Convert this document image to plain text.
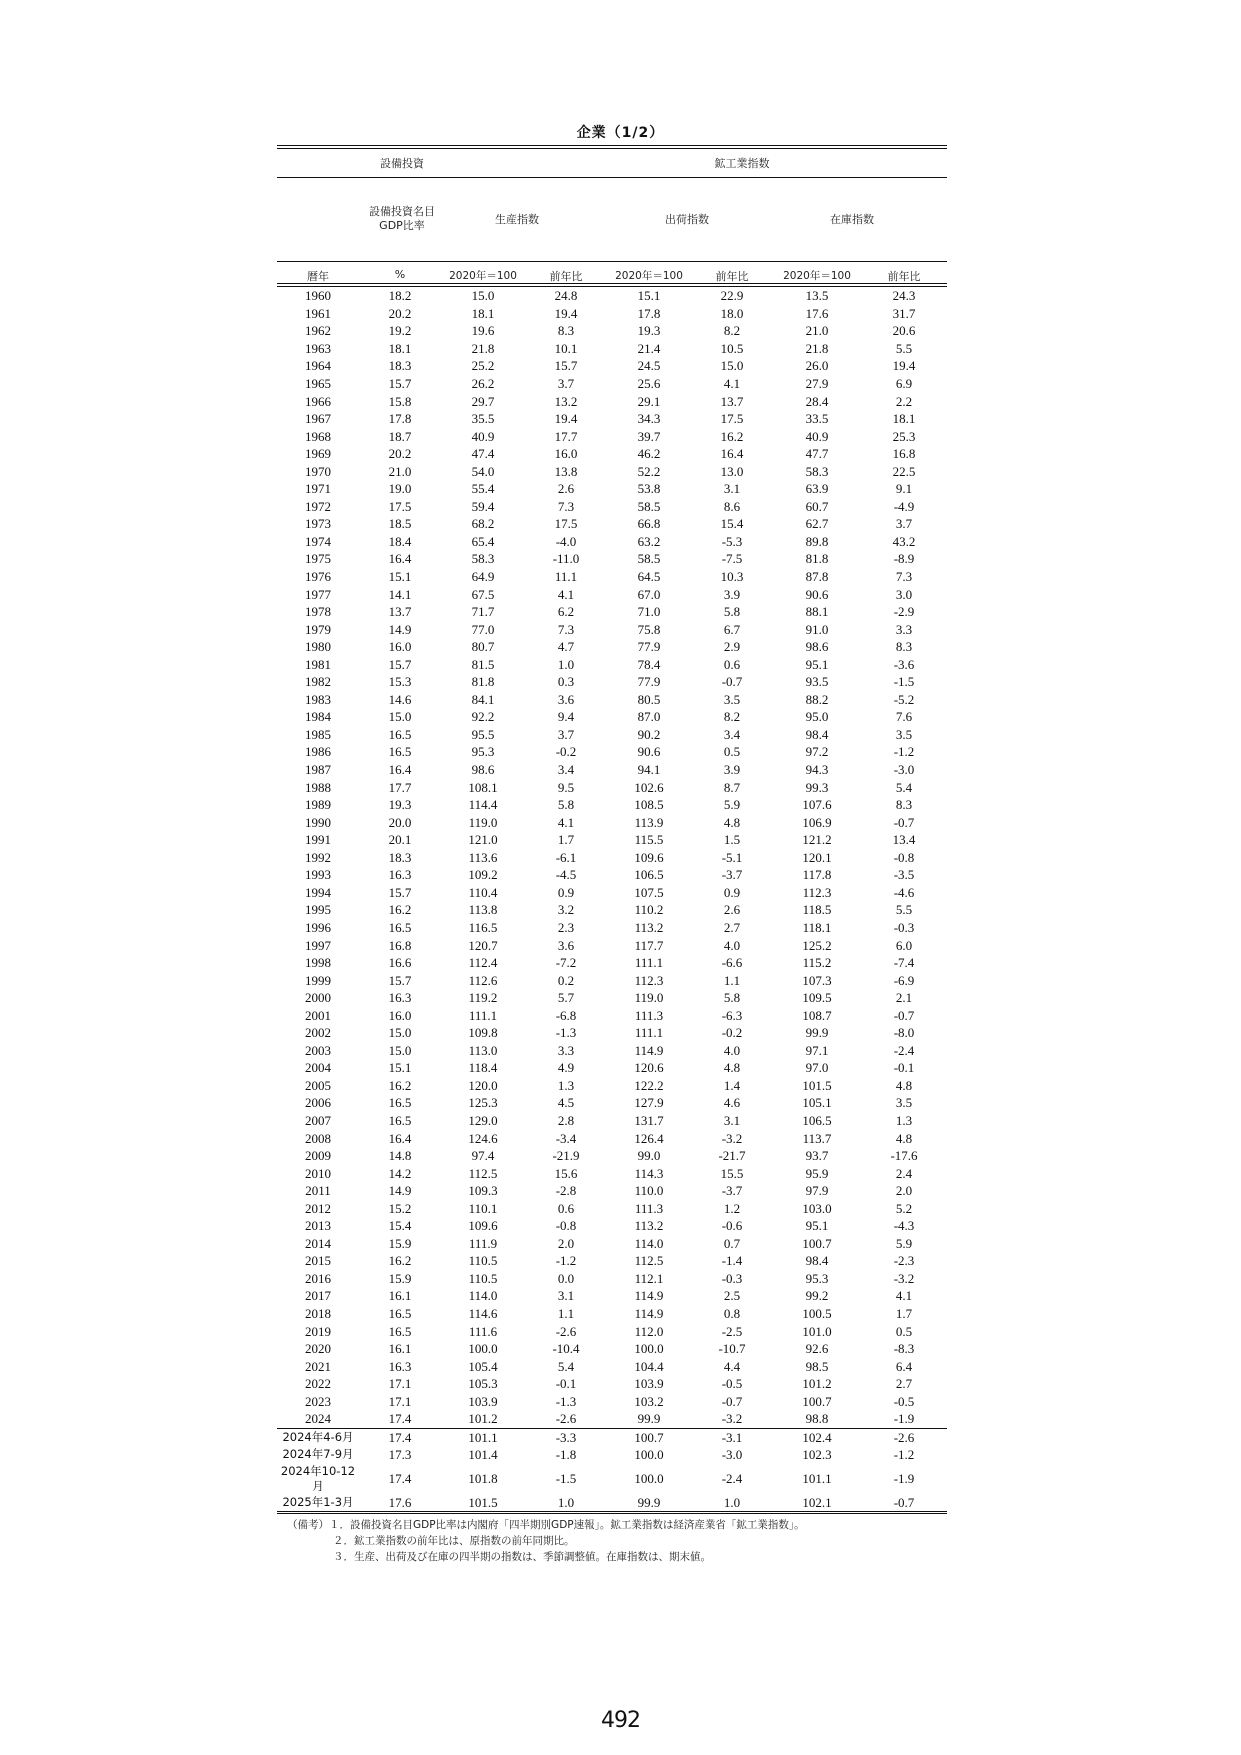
企業（1/2）
設備投資	鉱工業指数
設備投資名目
GDP比率	生産指数	出荷指数	在庫指数
暦年	%	2020年＝100	前年比	2020年＝100	前年比	2020年＝100	前年比
1960	18.2	15.0	24.8	15.1	22.9	13.5	24.3
1961	20.2	18.1	19.4	17.8	18.0	17.6	31.7
1962	19.2	19.6	8.3	19.3	8.2	21.0	20.6
1963	18.1	21.8	10.1	21.4	10.5	21.8	5.5
1964	18.3	25.2	15.7	24.5	15.0	26.0	19.4
1965	15.7	26.2	3.7	25.6	4.1	27.9	6.9
1966	15.8	29.7	13.2	29.1	13.7	28.4	2.2
1967	17.8	35.5	19.4	34.3	17.5	33.5	18.1
1968	18.7	40.9	17.7	39.7	16.2	40.9	25.3
1969	20.2	47.4	16.0	46.2	16.4	47.7	16.8
1970	21.0	54.0	13.8	52.2	13.0	58.3	22.5
1971	19.0	55.4	2.6	53.8	3.1	63.9	9.1
1972	17.5	59.4	7.3	58.5	8.6	60.7	-4.9
1973	18.5	68.2	17.5	66.8	15.4	62.7	3.7
1974	18.4	65.4	-4.0	63.2	-5.3	89.8	43.2
1975	16.4	58.3	-11.0	58.5	-7.5	81.8	-8.9
1976	15.1	64.9	11.1	64.5	10.3	87.8	7.3
1977	14.1	67.5	4.1	67.0	3.9	90.6	3.0
1978	13.7	71.7	6.2	71.0	5.8	88.1	-2.9
1979	14.9	77.0	7.3	75.8	6.7	91.0	3.3
1980	16.0	80.7	4.7	77.9	2.9	98.6	8.3
1981	15.7	81.5	1.0	78.4	0.6	95.1	-3.6
1982	15.3	81.8	0.3	77.9	-0.7	93.5	-1.5
1983	14.6	84.1	3.6	80.5	3.5	88.2	-5.2
1984	15.0	92.2	9.4	87.0	8.2	95.0	7.6
1985	16.5	95.5	3.7	90.2	3.4	98.4	3.5
1986	16.5	95.3	-0.2	90.6	0.5	97.2	-1.2
1987	16.4	98.6	3.4	94.1	3.9	94.3	-3.0
1988	17.7	108.1	9.5	102.6	8.7	99.3	5.4
1989	19.3	114.4	5.8	108.5	5.9	107.6	8.3
1990	20.0	119.0	4.1	113.9	4.8	106.9	-0.7
1991	20.1	121.0	1.7	115.5	1.5	121.2	13.4
1992	18.3	113.6	-6.1	109.6	-5.1	120.1	-0.8
1993	16.3	109.2	-4.5	106.5	-3.7	117.8	-3.5
1994	15.7	110.4	0.9	107.5	0.9	112.3	-4.6
1995	16.2	113.8	3.2	110.2	2.6	118.5	5.5
1996	16.5	116.5	2.3	113.2	2.7	118.1	-0.3
1997	16.8	120.7	3.6	117.7	4.0	125.2	6.0
1998	16.6	112.4	-7.2	111.1	-6.6	115.2	-7.4
1999	15.7	112.6	0.2	112.3	1.1	107.3	-6.9
2000	16.3	119.2	5.7	119.0	5.8	109.5	2.1
2001	16.0	111.1	-6.8	111.3	-6.3	108.7	-0.7
2002	15.0	109.8	-1.3	111.1	-0.2	99.9	-8.0
2003	15.0	113.0	3.3	114.9	4.0	97.1	-2.4
2004	15.1	118.4	4.9	120.6	4.8	97.0	-0.1
2005	16.2	120.0	1.3	122.2	1.4	101.5	4.8
2006	16.5	125.3	4.5	127.9	4.6	105.1	3.5
2007	16.5	129.0	2.8	131.7	3.1	106.5	1.3
2008	16.4	124.6	-3.4	126.4	-3.2	113.7	4.8
2009	14.8	97.4	-21.9	99.0	-21.7	93.7	-17.6
2010	14.2	112.5	15.6	114.3	15.5	95.9	2.4
2011	14.9	109.3	-2.8	110.0	-3.7	97.9	2.0
2012	15.2	110.1	0.6	111.3	1.2	103.0	5.2
2013	15.4	109.6	-0.8	113.2	-0.6	95.1	-4.3
2014	15.9	111.9	2.0	114.0	0.7	100.7	5.9
2015	16.2	110.5	-1.2	112.5	-1.4	98.4	-2.3
2016	15.9	110.5	0.0	112.1	-0.3	95.3	-3.2
2017	16.1	114.0	3.1	114.9	2.5	99.2	4.1
2018	16.5	114.6	1.1	114.9	0.8	100.5	1.7
2019	16.5	111.6	-2.6	112.0	-2.5	101.0	0.5
2020	16.1	100.0	-10.4	100.0	-10.7	92.6	-8.3
2021	16.3	105.4	5.4	104.4	4.4	98.5	6.4
2022	17.1	105.3	-0.1	103.9	-0.5	101.2	2.7
2023	17.1	103.9	-1.3	103.2	-0.7	100.7	-0.5
2024	17.4	101.2	-2.6	99.9	-3.2	98.8	-1.9
2024年4-6月	17.4	101.1	-3.3	100.7	-3.1	102.4	-2.6
2024年7-9月	17.3	101.4	-1.8	100.0	-3.0	102.3	-1.2
2024年10-12月	17.4	101.8	-1.5	100.0	-2.4	101.1	-1.9
2025年1-3月	17.6	101.5	1.0	99.9	1.0	102.1	-0.7
（備考）１．設備投資名目GDP比率は内閣府「四半期別GDP速報」。鉱工業指数は経済産業省「鉱工業指数」。
２．鉱工業指数の前年比は、原指数の前年同期比。
３．生産、出荷及び在庫の四半期の指数は、季節調整値。在庫指数は、期末値。
492
